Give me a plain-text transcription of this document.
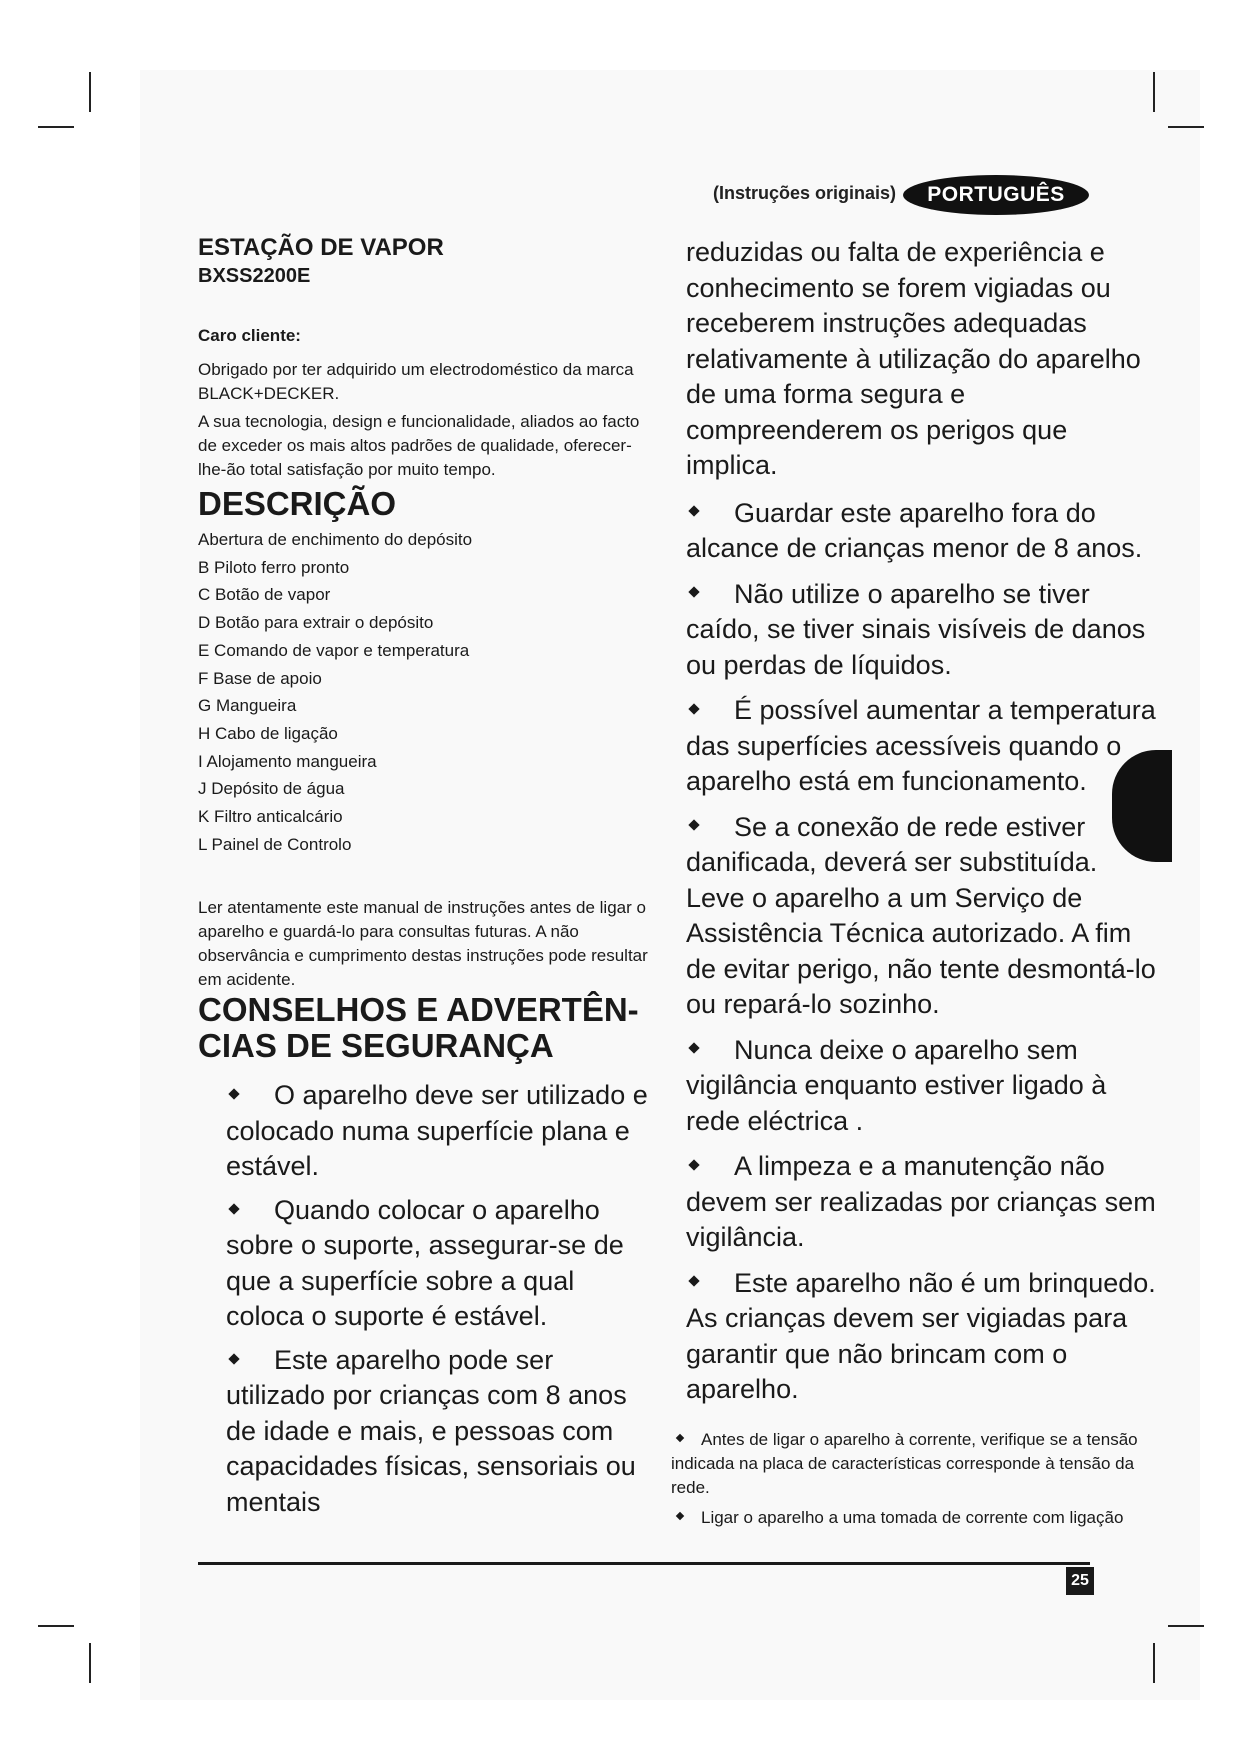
(Instruções originais)	PORTUGUÊS

ESTAÇÃO DE VAPOR

BXSS2200E

Caro cliente:

Obrigado por ter adquirido um electrodoméstico da marca BLACK+DECKER.

A sua tecnologia, design e funcionalidade, aliados ao facto de exceder os mais altos padrões de qualidade, oferecer-lhe-ão total satisfação por muito tempo.

DESCRIÇÃO
Abertura de enchimento do depósito
B Piloto ferro pronto
C Botão de vapor
D Botão para extrair o depósito
E Comando de vapor e temperatura
F Base de apoio
G Mangueira
H Cabo de ligação
I Alojamento mangueira
J Depósito de água
K Filtro anticalcário
L Painel de Controlo

Ler atentamente este manual de instruções antes de ligar o aparelho e guardá-lo para consultas futuras. A não observância e cumprimento destas instruções pode resultar em acidente.

CONSELHOS E ADVERTÊN-CIAS DE SEGURANÇA
O aparelho deve ser utilizado e colocado numa superfície plana e estável.
Quando colocar o aparelho sobre o suporte, assegurar-se de que a superfície sobre a qual coloca o suporte é estável.
Este aparelho pode ser utilizado por crianças com 8 anos de idade e mais, e pessoas com capacidades físicas, sensoriais ou mentais

reduzidas ou falta de experiência e conhecimento se forem vigiadas ou receberem instruções adequadas relativamente à utilização do aparelho de uma forma segura e compreenderem os perigos que implica.

Guardar este aparelho fora do alcance de crianças menor de 8 anos.
Não utilize o aparelho se tiver caído, se tiver sinais visíveis de danos ou perdas de líquidos.
É possível aumentar a temperatura das superfícies acessíveis quando o aparelho está em funcionamento.
Se a conexão de rede estiver danificada, deverá ser substituída. Leve o aparelho a um Serviço de Assistência Técnica autorizado. A fim de evitar perigo, não tente desmontá-lo ou repará-lo sozinho.
Nunca deixe o aparelho sem vigilância enquanto estiver ligado à rede eléctrica .
A limpeza e a manutenção não devem ser realizadas por crianças sem vigilância.
Este aparelho não é um brinquedo. As crianças devem ser vigiadas para garantir que não brincam com o aparelho.
Antes de ligar o aparelho à corrente, verifique se a tensão indicada na placa de características corresponde à tensão da rede.
Ligar o aparelho a uma tomada de corrente com ligação
25
